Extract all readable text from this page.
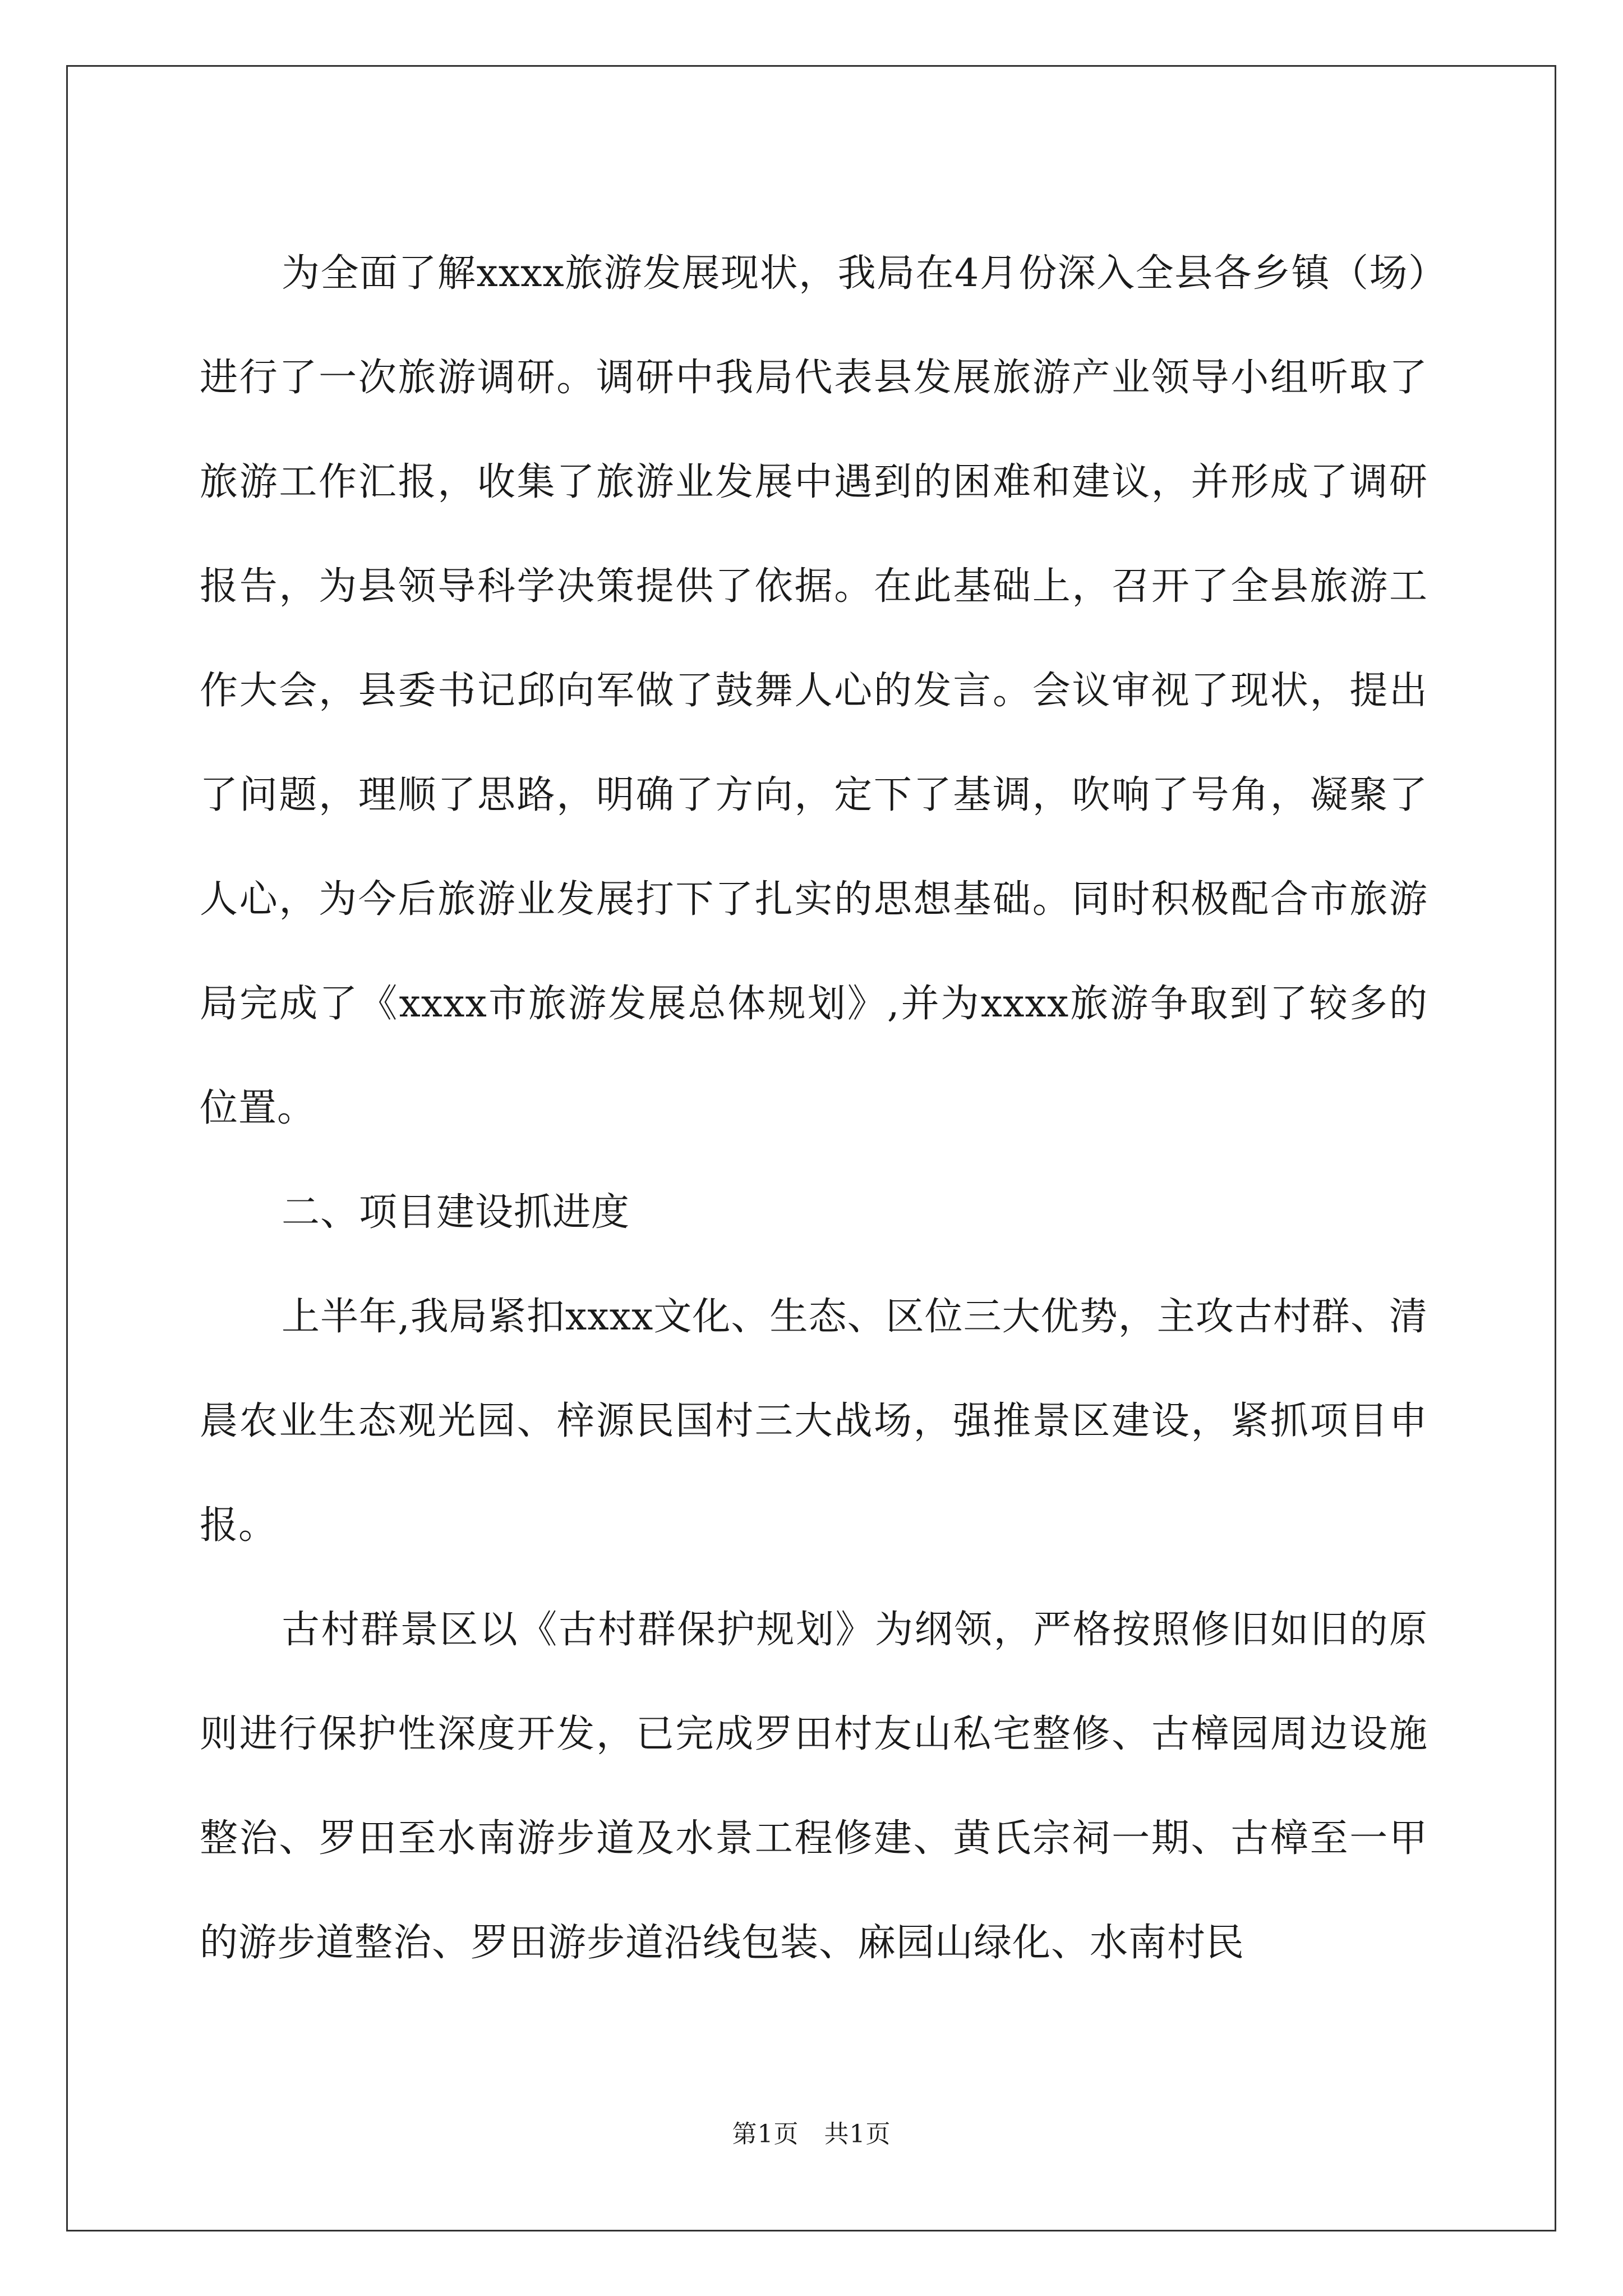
为全面了解xxxx旅游发展现状，我局在4月份深入全县各乡镇（场）进行了一次旅游调研。调研中我局代表县发展旅游产业领导小组听取了旅游工作汇报，收集了旅游业发展中遇到的困难和建议，并形成了调研报告，为县领导科学决策提供了依据。在此基础上，召开了全县旅游工作大会，县委书记邱向军做了鼓舞人心的发言。会议审视了现状，提出了问题，理顺了思路，明确了方向，定下了基调，吹响了号角，凝聚了人心，为今后旅游业发展打下了扎实的思想基础。同时积极配合市旅游局完成了《xxxx市旅游发展总体规划》,并为xxxx旅游争取到了较多的位置。

二、项目建设抓进度

上半年,我局紧扣xxxx文化、生态、区位三大优势，主攻古村群、清晨农业生态观光园、梓源民国村三大战场，强推景区建设，紧抓项目申报。

古村群景区以《古村群保护规划》为纲领，严格按照修旧如旧的原则进行保护性深度开发，已完成罗田村友山私宅整修、古樟园周边设施整治、罗田至水南游步道及水景工程修建、黄氏宗祠一期、古樟至一甲的游步道整治、罗田游步道沿线包装、麻园山绿化、水南村民

第1页 共1页
